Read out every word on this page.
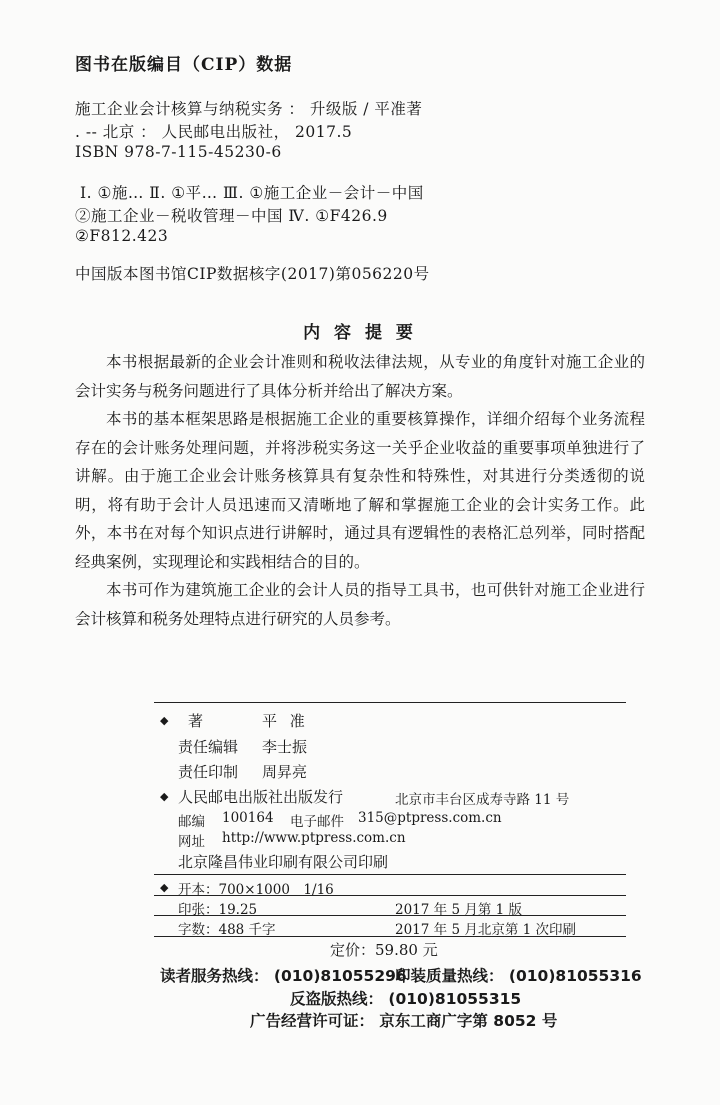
图书在版编目（CIP）数据
施工企业会计核算与纳税实务 ： 升级版 / 平准著
. -- 北京 ： 人民邮电出版社， 2017.5
ISBN 978-7-115-45230-6
Ⅰ. ①施… Ⅱ. ①平… Ⅲ. ①施工企业－会计－中国
②施工企业－税收管理－中国 Ⅳ. ①F426.9
②F812.423
中国版本图书馆CIP数据核字(2017)第056220号
内 容 提 要

本书根据最新的企业会计准则和税收法律法规，从专业的角度针对施工企业的会计实务与税务问题进行了具体分析并给出了解决方案。

本书的基本框架思路是根据施工企业的重要核算操作，详细介绍每个业务流程存在的会计账务处理问题，并将涉税实务这一关乎企业收益的重要事项单独进行了讲解。由于施工企业会计账务核算具有复杂性和特殊性，对其进行分类透彻的说明，将有助于会计人员迅速而又清晰地了解和掌握施工企业的会计实务工作。此外，本书在对每个知识点进行讲解时，通过具有逻辑性的表格汇总列举，同时搭配经典案例，实现理论和实践相结合的目的。

本书可作为建筑施工企业的会计人员的指导工具书，也可供针对施工企业进行会计核算和税务处理特点进行研究的人员参考。

◆ 著	平 准
责任编辑 李士振
责任印制 周昇亮
◆ 人民邮电出版社出版发行	北京市丰台区成寿寺路 11 号
邮编 100164 电子邮件 315@ptpress.com.cn
网址 http://www.ptpress.com.cn
北京隆昌伟业印刷有限公司印刷
◆ 开本：700×1000　1/16
印张：19.25	2017 年 5 月第 1 版
字数：488 千字	2017 年 5 月北京第 1 次印刷
定价：59.80 元
读者服务热线： (010)81055296
印装质量热线： (010)81055316
反盗版热线： (010)81055315
广告经营许可证： 京东工商广字第 8052 号
